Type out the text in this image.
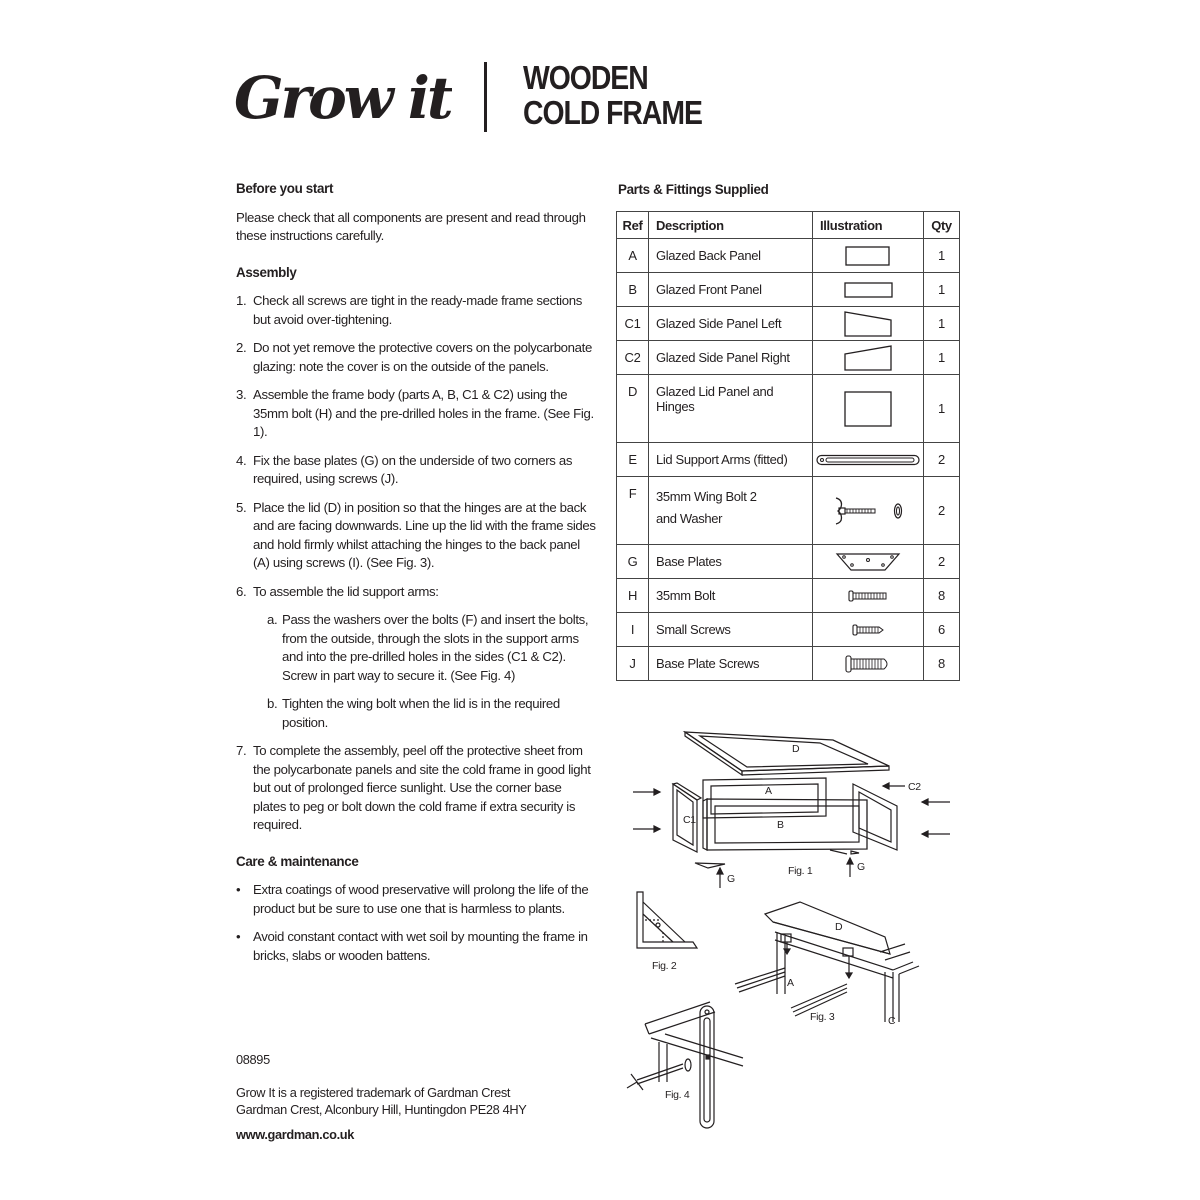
Grow it WOODEN
COLD FRAME
Before you start

Please check that all components are present and read through these instructions carefully.

Assembly
1. Check all screws are tight in the ready-made frame sections but avoid over-tightening.
2. Do not yet remove the protective covers on the polycarbonate glazing: note the cover is on the outside of the panels.
3. Assemble the frame body (parts A, B, C1 & C2) using the 35mm bolt (H) and the pre-drilled holes in the frame. (See Fig. 1).
4. Fix the base plates (G) on the underside of two corners as required, using screws (J).
5. Place the lid (D) in position so that the hinges are at the back and are facing downwards. Line up the lid with the frame sides and hold firmly whilst attaching the hinges to the back panel (A) using screws (I). (See Fig. 3).
6. To assemble the lid support arms:
a. Pass the washers over the bolts (F) and insert the bolts, from the outside, through the slots in the support arms and into the pre-drilled holes in the sides (C1 & C2). Screw in part way to secure it. (See Fig. 4)
b. Tighten the wing bolt when the lid is in the required position.
7. To complete the assembly, peel off the protective sheet from the polycarbonate panels and site the cold frame in good light but out of prolonged fierce sunlight. Use the corner base plates to peg or bolt down the cold frame if extra security is required.
Care & maintenance
• Extra coatings of wood preservative will prolong the life of the product but be sure to use one that is harmless to plants.
• Avoid constant contact with wet soil by mounting the frame in bricks, slabs or wooden battens.
08895
Grow It is a registered trademark of Gardman Crest
Gardman Crest, Alconbury Hill, Huntingdon PE28 4HY
www.gardman.co.uk
Parts & Fittings Supplied
Ref	Description	Illustration	Qty
A	Glazed Back Panel		1
B	Glazed Front Panel		1
C1	Glazed Side Panel Left		1
C2	Glazed Side Panel Right		1
D	Glazed Lid Panel and Hinges		1
E	Lid Support Arms (fitted)		2
F	35mm Wing Bolt 2
and Washer		2
G	Base Plates		2
H	35mm Bolt		8
I	Small Screws		6
J	Base Plate Screws		8
D
A
B
C1
C2
G
G
Fig. 1
Fig. 2
D
A
C
Fig. 3
Fig. 4
